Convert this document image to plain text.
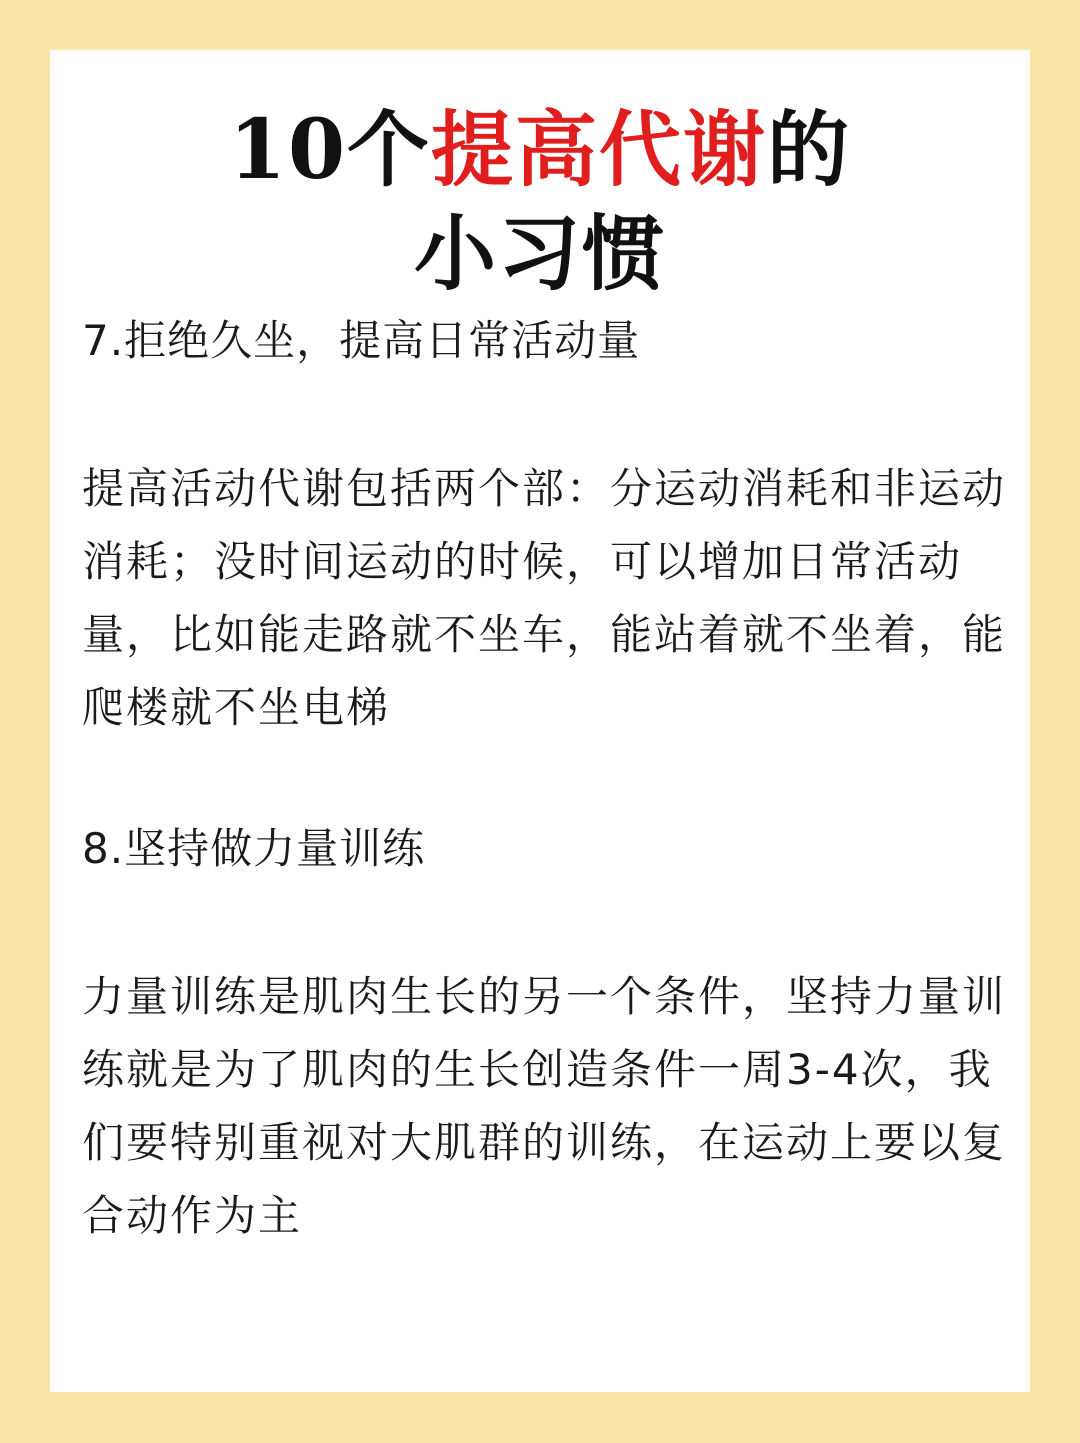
10个提高代谢的
小习惯
7.拒绝久坐，提高日常活动量
提高活动代谢包括两个部：分运动消耗和非运动消耗；没时间运动的时候，可以增加日常活动量，比如能走路就不坐车，能站着就不坐着，能爬楼就不坐电梯
8.坚持做力量训练
力量训练是肌肉生长的另一个条件，坚持力量训练就是为了肌肉的生长创造条件一周3-4次，我们要特别重视对大肌群的训练，在运动上要以复合动作为主
